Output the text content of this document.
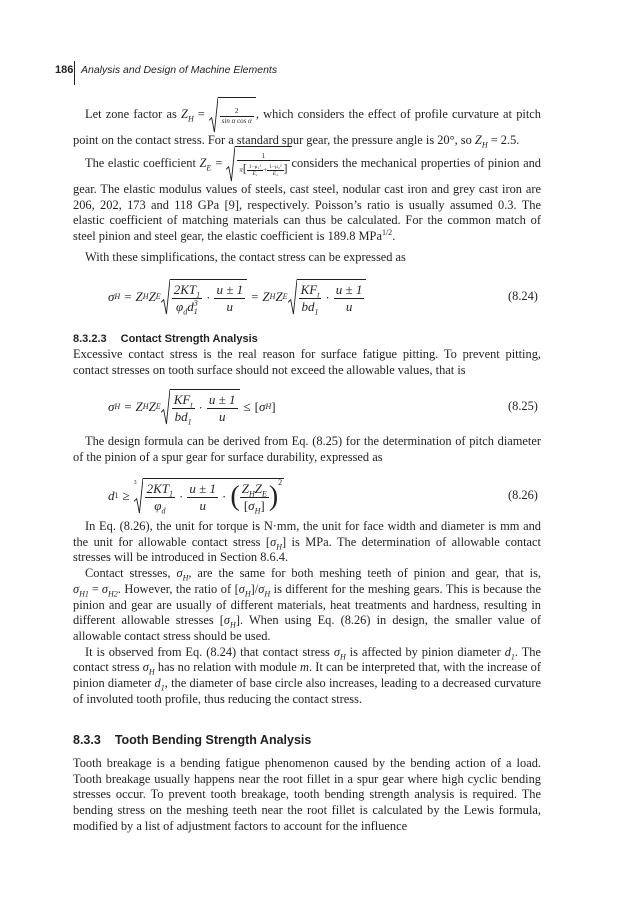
186 Analysis and Design of Machine Elements
Let zone factor as $Z_H = \frac{2}{\text{sin α cos α}}$ , which considers the effect of profile curvature at pitch point on the contact stress. For a standard spur gear, the pressure angle is 20°, so $Z_H = 2.5$.
The elastic coefficient $Z_E = \frac{1}{\pi[ \frac{\text{1−μ₁²}}{\text{E₁}} + \frac{\text{1−μ₂²}}{\text{E₂}} ]}$ considers the mechanical properties of pinion and gear. The elastic modulus values of steels, cast steel, nodular cast iron and grey cast iron are 206, 202, 173 and 118 GPa [9], respectively. Poisson’s ratio is usually assumed 0.3. The elastic coefficient of matching materials can thus be calculated. For the common match of steel pinion and steel gear, the elastic coefficient is 189.8 MPa$^{1/2}$.
With these simplifications, the contact stress can be expressed as
σ H = Z H Z E $\frac{2KT_1}{\varphi_dd^3_1} \cdot \frac{u \pm 1}{u} = Z$ H Z E $\frac{KF_t}{bd_1} \cdot \frac{u \pm 1}{u}$	(8.24)
8.3.2.3 Contact Strength Analysis
Excessive contact stress is the real reason for surface fatigue pitting. To prevent pitting, contact stresses on tooth surface should not exceed the allowable values, that is
σ H = Z H Z E $\frac{KF_t}{bd_1} \cdot \frac{u \pm 1}{u}$ ≤ [ σ H ]	(8.25)
The design formula can be derived from Eq. (8.25) for the determination of pitch diameter of the pinion of a spur gear for surface durability, expressed as
d 1 ≥
$3 \frac{2KT_1}{\varphi_d} \cdot \frac{u \pm 1}{u}$ · ( $\frac{Z_HZ_E}{[\sigma_H]} )^2$
(8.26)

In Eq. (8.26), the unit for torque is N·mm, the unit for face width and diameter is mm and the unit for allowable contact stress $[\sigma_H]$ is MPa. The determination of allowable contact stresses will be introduced in Section 8.6.4.

Contact stresses, $\sigma_H$, are the same for both meshing teeth of pinion and gear, that is, $\sigma_{H1} = \sigma_{H2}$. However, the ratio of $[\sigma_H]/\sigma_H$ is different for the meshing gears. This is because the pinion and gear are usually of different materials, heat treatments and hardness, resulting in different allowable stresses $[\sigma_H]$. When using Eq. (8.26) in design, the smaller value of allowable contact stress should be used.

It is observed from Eq. (8.24) that contact stress $\sigma_H$ is affected by pinion diameter $d_1$. The contact stress $\sigma_H$ has no relation with module m. It can be interpreted that, with the increase of pinion diameter $d_1$, the diameter of base circle also increases, leading to a decreased curvature of involuted tooth profile, thus reducing the contact stress.

8.3.3 Tooth Bending Strength Analysis
Tooth breakage is a bending fatigue phenomenon caused by the bending action of a load. Tooth breakage usually happens near the root fillet in a spur gear where high cyclic bending stresses occur. To prevent tooth breakage, tooth bending strength analysis is required. The bending stress on the meshing teeth near the root fillet is calculated by the Lewis formula, modified by a list of adjustment factors to account for the influence
